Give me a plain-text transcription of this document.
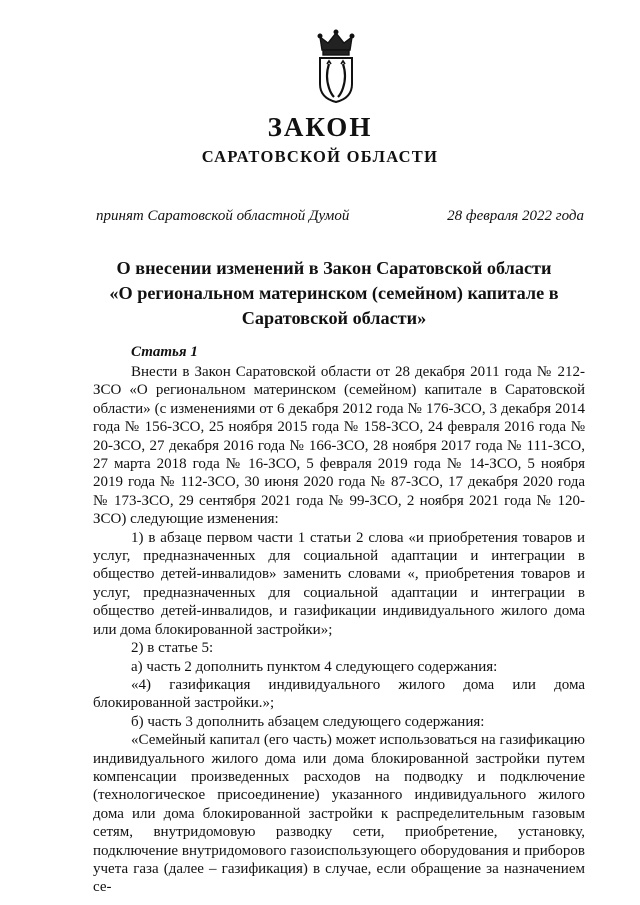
ЗАКОН
САРАТОВСКОЙ ОБЛАСТИ
принят Саратовской областной Думой	28 февраля 2022 года
О внесении изменений в Закон Саратовской области
«О региональном материнском (семейном) капитале в
Саратовской области»
Статья 1

Внести в Закон Саратовской области от 28 декабря 2011 года № 212-ЗСО «О региональном материнском (семейном) капитале в Саратовской области» (с изменениями от 6 декабря 2012 года № 176-ЗСО, 3 декабря 2014 года № 156-ЗСО, 25 ноября 2015 года № 158-ЗСО, 24 февраля 2016 года № 20-ЗСО, 27 декабря 2016 года № 166-ЗСО, 28 ноября 2017 года № 111-ЗСО, 27 марта 2018 года № 16-ЗСО, 5 февраля 2019 года № 14-ЗСО, 5 ноября 2019 года № 112-ЗСО, 30 июня 2020 года № 87-ЗСО, 17 декабря 2020 года № 173-ЗСО, 29 сентября 2021 года № 99-ЗСО, 2 ноября 2021 года № 120-ЗСО) следующие изменения:

1) в абзаце первом части 1 статьи 2 слова «и приобретения товаров и услуг, предназначенных для социальной адаптации и интеграции в общество детей-инвалидов» заменить словами «, приобретения товаров и услуг, предназначенных для социальной адаптации и интеграции в общество детей-инвалидов, и газификации индивидуального жилого дома или дома блокированной застройки»;

2) в статье 5:

а) часть 2 дополнить пунктом 4 следующего содержания:

«4) газификация индивидуального жилого дома или дома блокированной застройки.»;

б) часть 3 дополнить абзацем следующего содержания:

«Семейный капитал (его часть) может использоваться на газификацию индивидуального жилого дома или дома блокированной застройки путем компенсации произведенных расходов на подводку и подключение (технологическое присоединение) указанного индивидуального жилого дома или дома блокированной застройки к распределительным газовым сетям, внутридомовую разводку сети, приобретение, установку, подключение внутридомового газоиспользующего оборудования и приборов учета газа (далее – газификация) в случае, если обращение за назначением се-
